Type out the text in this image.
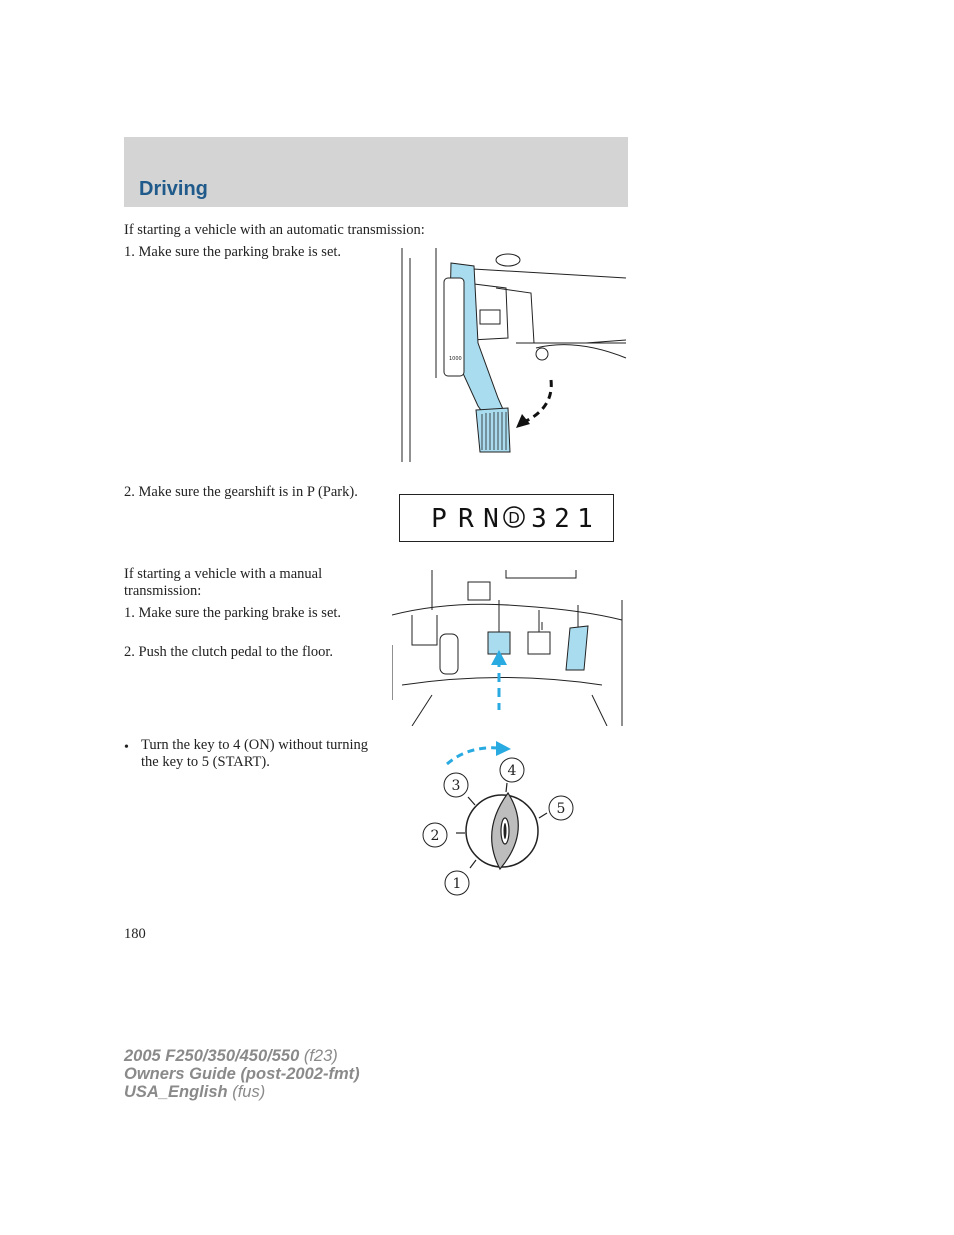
Driving

If starting a vehicle with an automatic transmission:

1. Make sure the parking brake is set.

1000

2. Make sure the gearshift is in P (Park).

P R N 3 2 1
D

If starting a vehicle with a manual transmission:

1. Make sure the parking brake is set.

2. Push the clutch pedal to the floor.

• Turn the key to 4 (ON) without turning the key to 5 (START).

1
2
3
4
5
180
2005 F250/350/450/550 (f23)
Owners Guide (post-2002-fmt)
USA_English (fus)
